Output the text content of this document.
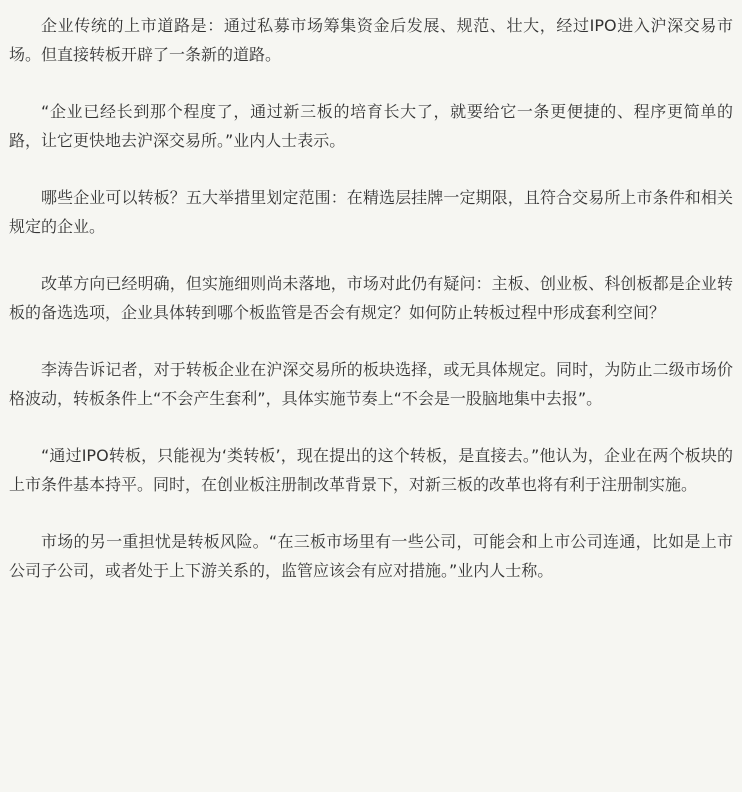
企业传统的上市道路是：通过私募市场筹集资金后发展、规范、壮大，经过IPO进入沪深交易市场。但直接转板开辟了一条新的道路。

“企业已经长到那个程度了，通过新三板的培育长大了，就要给它一条更便捷的、程序更简单的路，让它更快地去沪深交易所。”业内人士表示。

哪些企业可以转板？五大举措里划定范围：在精选层挂牌一定期限，且符合交易所上市条件和相关规定的企业。

改革方向已经明确，但实施细则尚未落地，市场对此仍有疑问：主板、创业板、科创板都是企业转板的备选选项，企业具体转到哪个板监管是否会有规定？如何防止转板过程中形成套利空间？

李涛告诉记者，对于转板企业在沪深交易所的板块选择，或无具体规定。同时，为防止二级市场价格波动，转板条件上“不会产生套利”，具体实施节奏上“不会是一股脑地集中去报”。

“通过IPO转板，只能视为‘类转板’，现在提出的这个转板，是直接去。”他认为，企业在两个板块的上市条件基本持平。同时，在创业板注册制改革背景下，对新三板的改革也将有利于注册制实施。

市场的另一重担忧是转板风险。“在三板市场里有一些公司，可能会和上市公司连通，比如是上市公司子公司，或者处于上下游关系的，监管应该会有应对措施。”业内人士称。
